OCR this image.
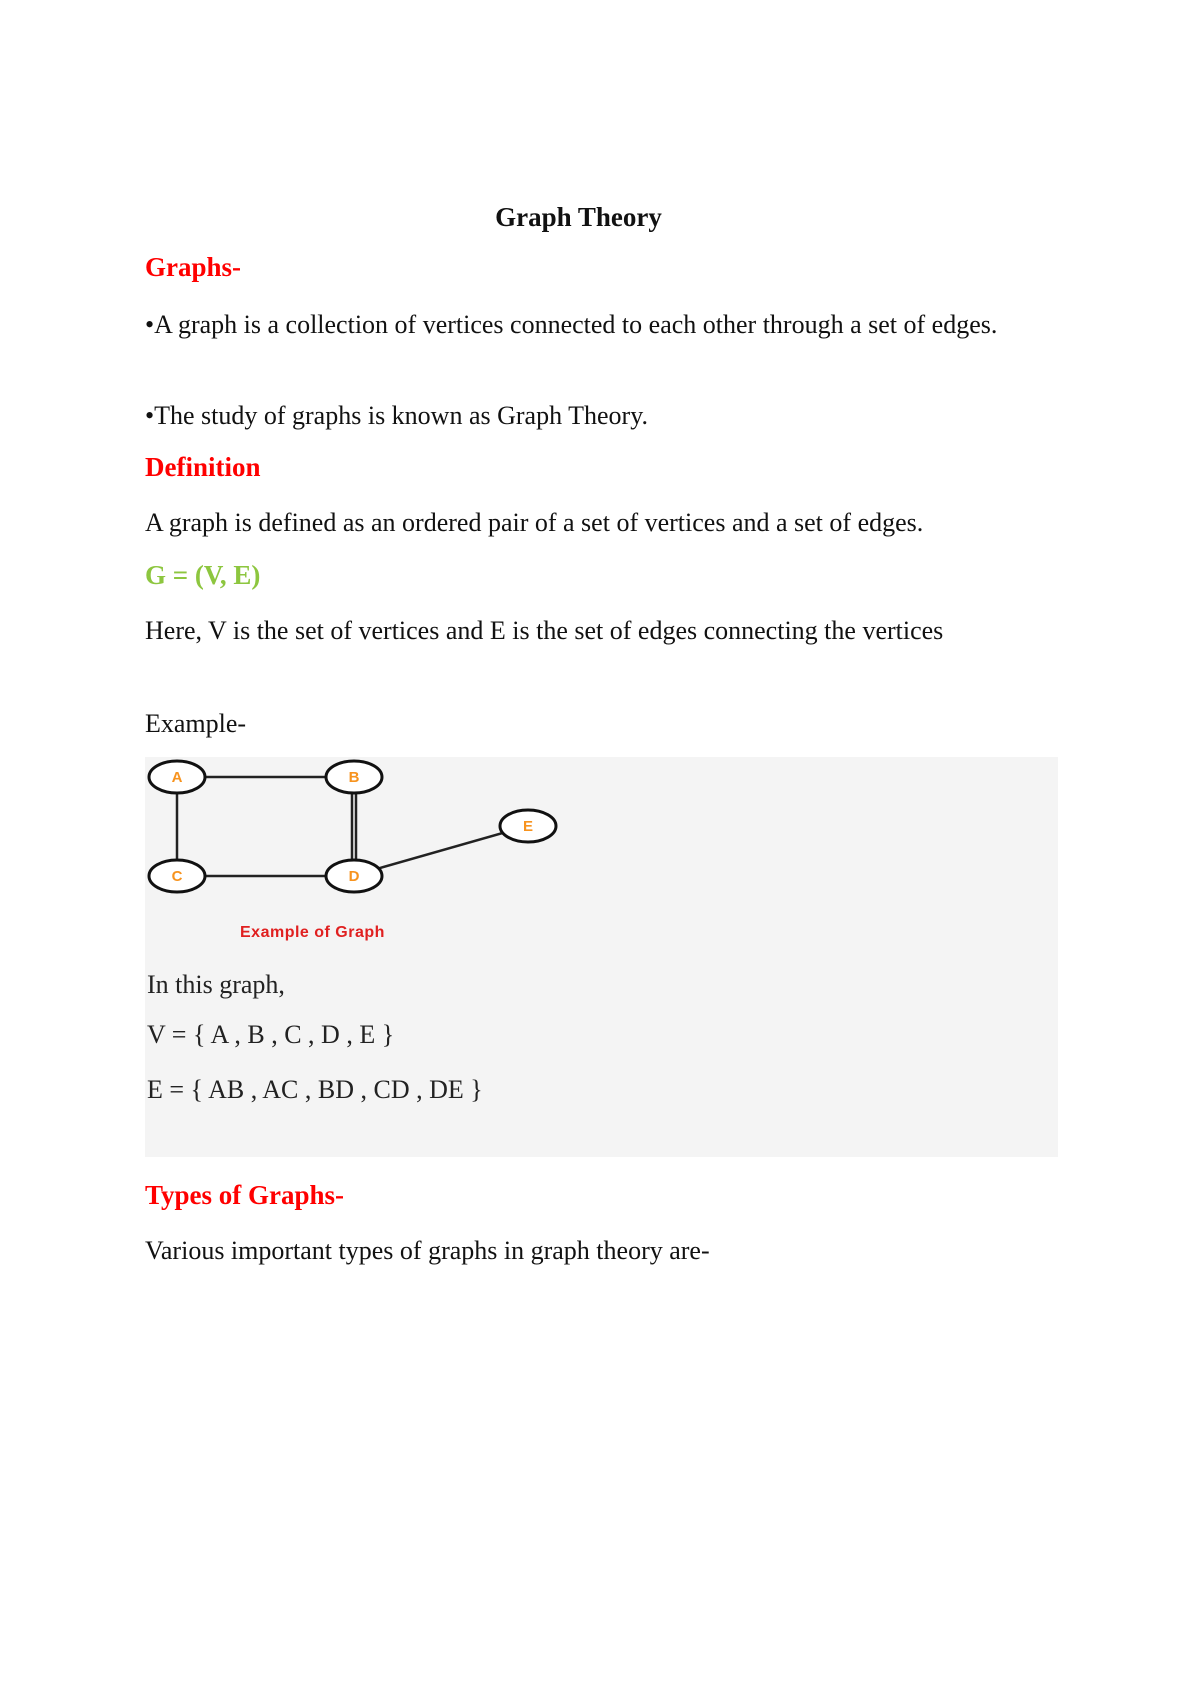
Graph Theory
Graphs-
•A graph is a collection of vertices connected to each other through a set of edges.
•The study of graphs is known as Graph Theory.
Definition
A graph is defined as an ordered pair of a set of vertices and a set of edges.
G = (V, E)
Here, V is the set of vertices and E is the set of edges connecting the vertices
Example-
A	B
C	D
E
Example of Graph
In this graph,
V = { A , B , C , D , E }
E = { AB , AC , BD , CD , DE }
Types of Graphs-
Various important types of graphs in graph theory are-
